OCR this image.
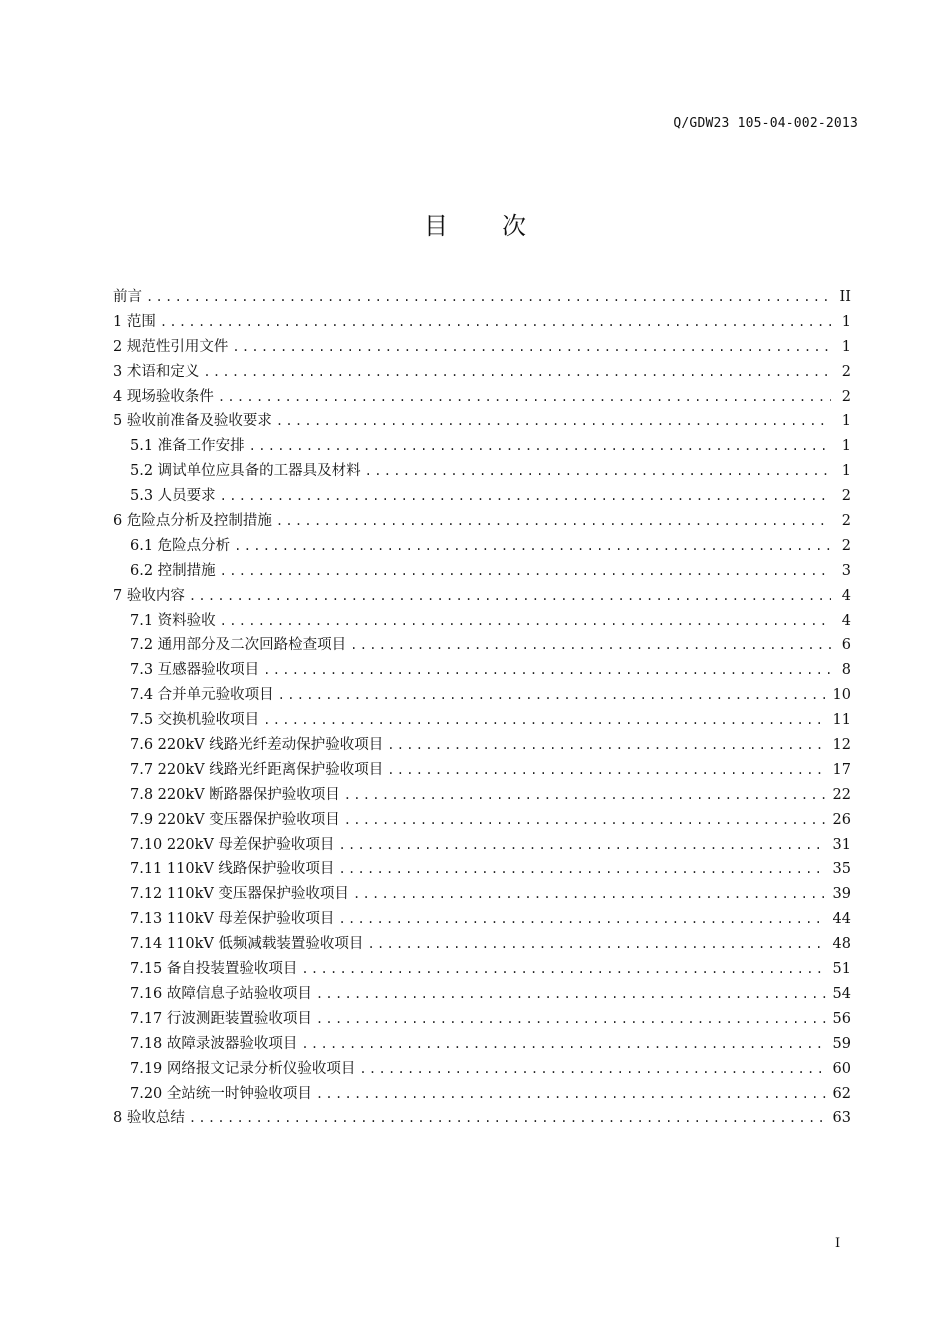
Q/GDW23 105-04-002-2013
目 次
前言 .....	II
1 范围 .....	1
2 规范性引用文件 .....	1
3 术语和定义 .....	2
4 现场验收条件 .....	2
5 验收前准备及验收要求 .....	1
5.1 准备工作安排 .....	1
5.2 调试单位应具备的工器具及材料 .....	1
5.3 人员要求 .....	2
6 危险点分析及控制措施 .....	2
6.1 危险点分析 .....	2
6.2 控制措施 .....	3
7 验收内容 .....	4
7.1 资料验收 .....	4
7.2 通用部分及二次回路检查项目 .....	6
7.3 互感器验收项目 .....	8
7.4 合并单元验收项目 .....	10
7.5 交换机验收项目 .....	11
7.6 220kV 线路光纤差动保护验收项目 .....	12
7.7 220kV 线路光纤距离保护验收项目 .....	17
7.8 220kV 断路器保护验收项目 .....	22
7.9 220kV 变压器保护验收项目 .....	26
7.10 220kV 母差保护验收项目 .....	31
7.11 110kV 线路保护验收项目 .....	35
7.12 110kV 变压器保护验收项目 .....	39
7.13 110kV 母差保护验收项目 .....	44
7.14 110kV 低频减载装置验收项目 .....	48
7.15 备自投装置验收项目 .....	51
7.16 故障信息子站验收项目 .....	54
7.17 行波测距装置验收项目 .....	56
7.18 故障录波器验收项目 .....	59
7.19 网络报文记录分析仪验收项目 .....	60
7.20 全站统一时钟验收项目 .....	62
8 验收总结 .....	63
I
